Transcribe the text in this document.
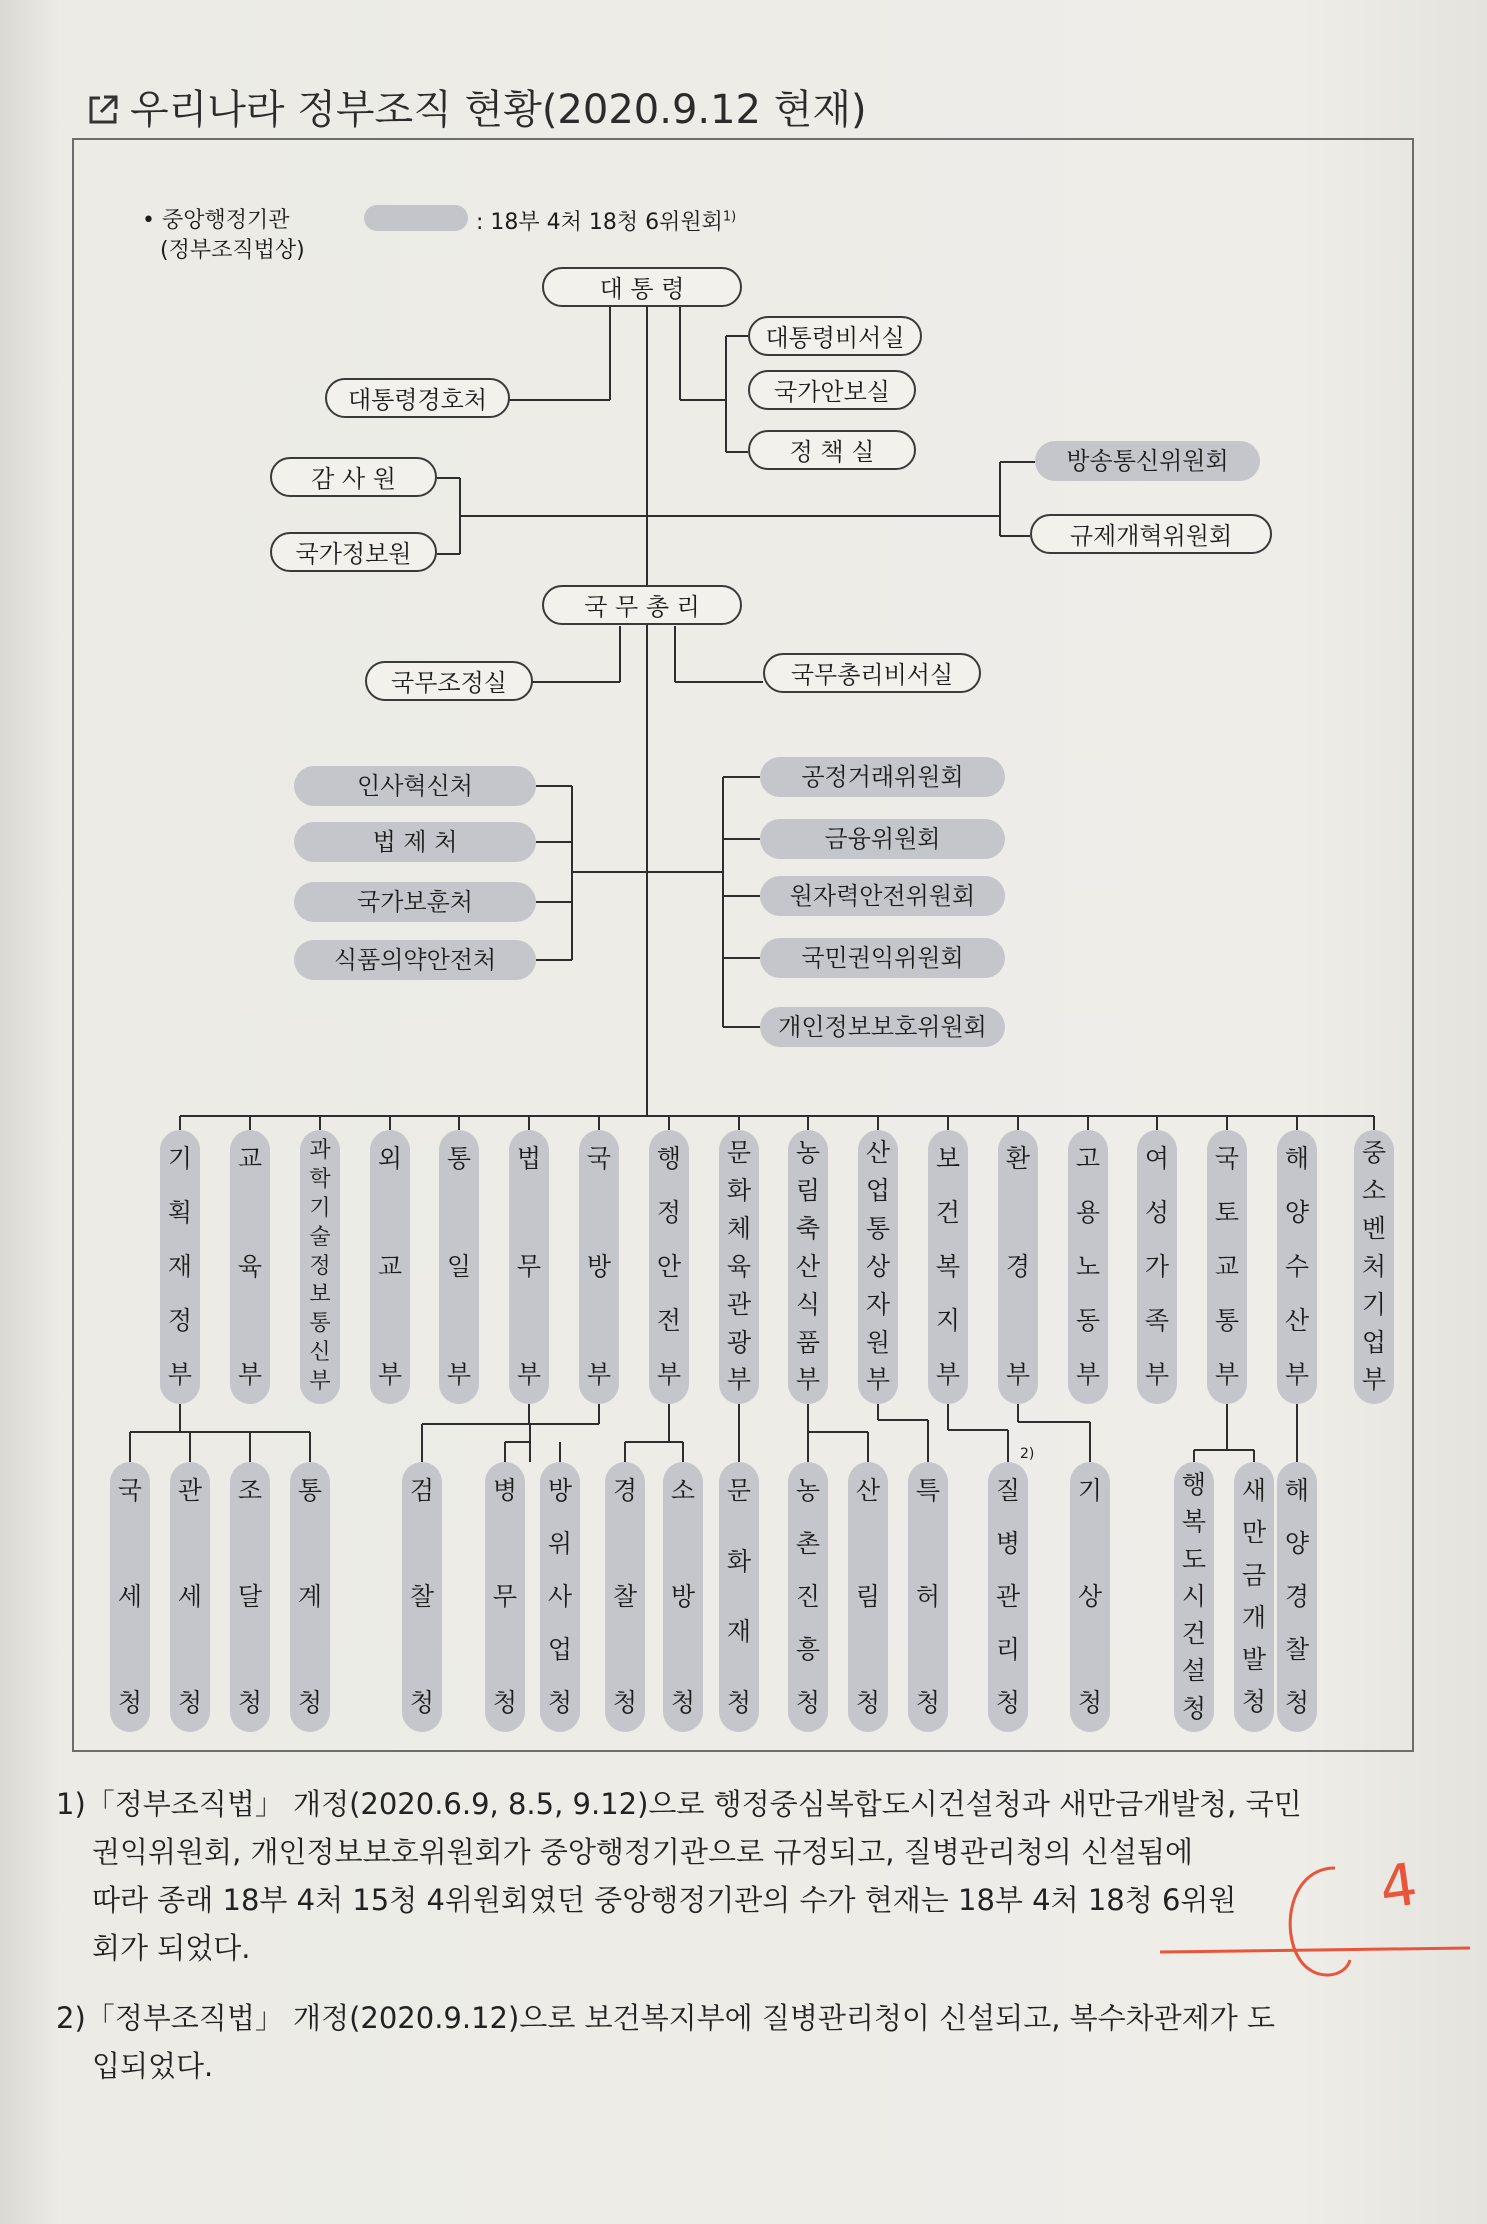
우리나라 정부조직 현황(2020.9.12 현재)
• 중앙행정기관
(정부조직법상)
: 18부 4처 18청 6위원회$^{1)}$
대 통 령
대통령비서실
국가안보실
정 책 실
대통령경호처
감 사 원
국가정보원
방송통신위원회
규제개혁위원회
국 무 총 리
국무조정실	국무총리비서실
인사혁신처
법 제 처
국가보훈처
식품의약안전처
공정거래위원회
금융위원회
원자력안전위원회
국민권익위원회
개인정보보호위원회
기
획
재
정
부
교
육
부
과
학
기
술
정
보
통
신
부
외
교
부
통
일
부
법
무
부
국
방
부
행
정
안
전
부
문
화
체
육
관
광
부
농
림
축
산
식
품
부
산
업
통
상
자
원
부
보
건
복
지
부
환
경
부
고
용
노
동
부
여
성
가
족
부
국
토
교
통
부
해
양
수
산
부
중
소
벤
처
기
업
부
국
세
청
관
세
청
조
달
청
통
계
청
검
찰
청
병
무
청
방
위
사
업
청
경
찰
청
소
방
청
문
화
재
청
농
촌
진
흥
청
산
림
청
특
허
청
질
병
관
리
청
기
상
청
행
복
도
시
건
설
청
새
만
금
개
발
청
해
양
경
찰
청
2)
1)「정부조직법」 개정(2020.6.9, 8.5, 9.12)으로 행정중심복합도시건설청과 새만금개발청, 국민
권익위원회, 개인정보보호위원회가 중앙행정기관으로 규정되고, 질병관리청의 신설됨에
따라 종래 18부 4처 15청 4위원회였던 중앙행정기관의 수가 현재는 18부 4처 18청 6위원
회가 되었다.
2)「정부조직법」 개정(2020.9.12)으로 보건복지부에 질병관리청이 신설되고, 복수차관제가 도
입되었다.
4
